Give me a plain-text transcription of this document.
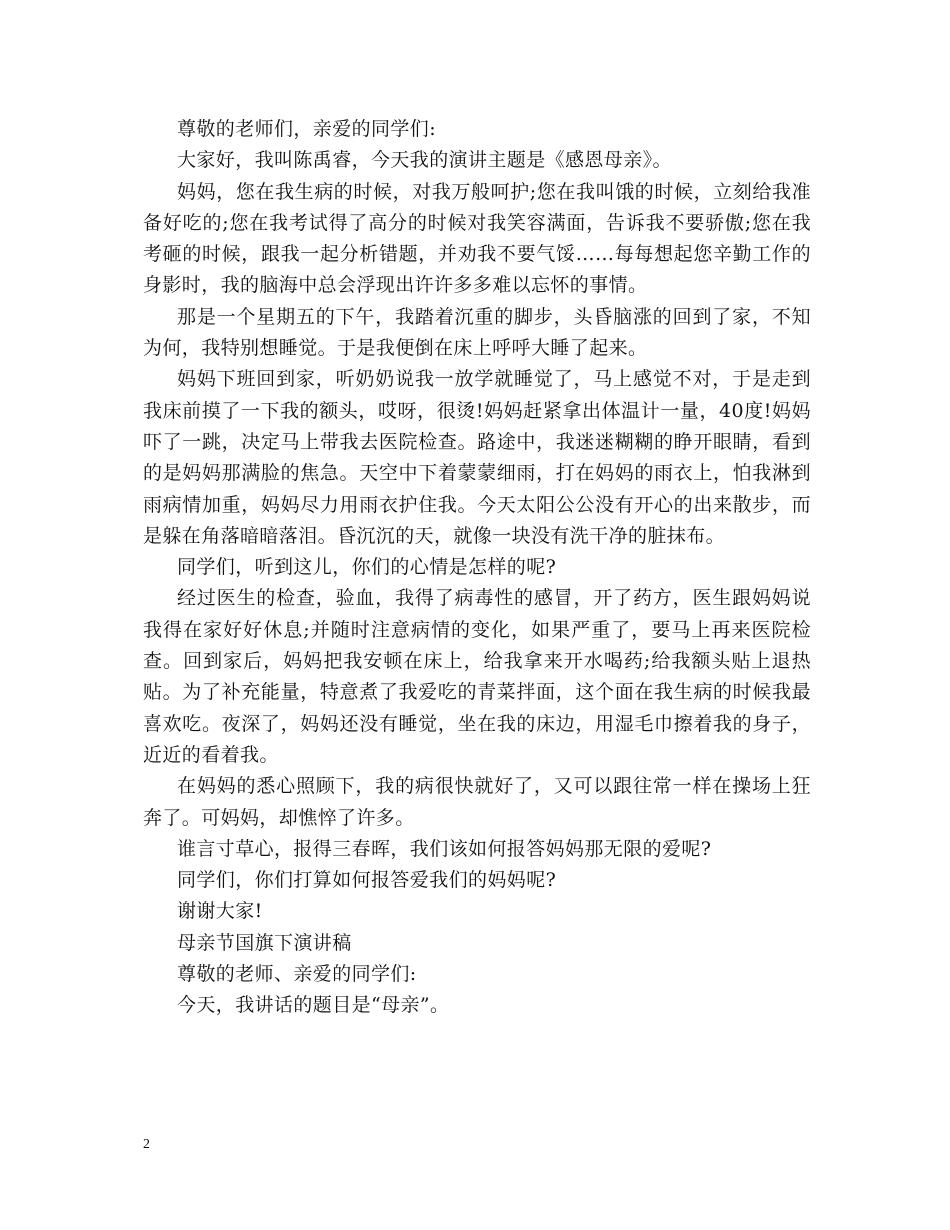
尊敬的老师们，亲爱的同学们:

大家好，我叫陈禹睿，今天我的演讲主题是《感恩母亲》。

妈妈，您在我生病的时候，对我万般呵护;您在我叫饿的时候，立刻给我准备好吃的;您在我考试得了高分的时候对我笑容满面，告诉我不要骄傲;您在我考砸的时候，跟我一起分析错题，并劝我不要气馁……每每想起您辛勤工作的身影时，我的脑海中总会浮现出许许多多难以忘怀的事情。

那是一个星期五的下午，我踏着沉重的脚步，头昏脑涨的回到了家，不知为何，我特别想睡觉。于是我便倒在床上呼呼大睡了起来。

妈妈下班回到家，听奶奶说我一放学就睡觉了，马上感觉不对，于是走到我床前摸了一下我的额头，哎呀，很烫!妈妈赶紧拿出体温计一量，40度!妈妈吓了一跳，决定马上带我去医院检查。路途中，我迷迷糊糊的睁开眼睛，看到的是妈妈那满脸的焦急。天空中下着蒙蒙细雨，打在妈妈的雨衣上，怕我淋到雨病情加重，妈妈尽力用雨衣护住我。今天太阳公公没有开心的出来散步，而是躲在角落暗暗落泪。昏沉沉的天，就像一块没有洗干净的脏抹布。

同学们，听到这儿，你们的心情是怎样的呢?

经过医生的检查，验血，我得了病毒性的感冒，开了药方，医生跟妈妈说我得在家好好休息;并随时注意病情的变化，如果严重了，要马上再来医院检查。回到家后，妈妈把我安顿在床上，给我拿来开水喝药;给我额头贴上退热贴。为了补充能量，特意煮了我爱吃的青菜拌面，这个面在我生病的时候我最喜欢吃。夜深了，妈妈还没有睡觉，坐在我的床边，用湿毛巾擦着我的身子，近近的看着我。

在妈妈的悉心照顾下，我的病很快就好了，又可以跟往常一样在操场上狂奔了。可妈妈，却憔悴了许多。

谁言寸草心，报得三春晖，我们该如何报答妈妈那无限的爱呢?

同学们，你们打算如何报答爱我们的妈妈呢?

谢谢大家!

母亲节国旗下演讲稿

尊敬的老师、亲爱的同学们:

今天，我讲话的题目是“母亲”。

2
